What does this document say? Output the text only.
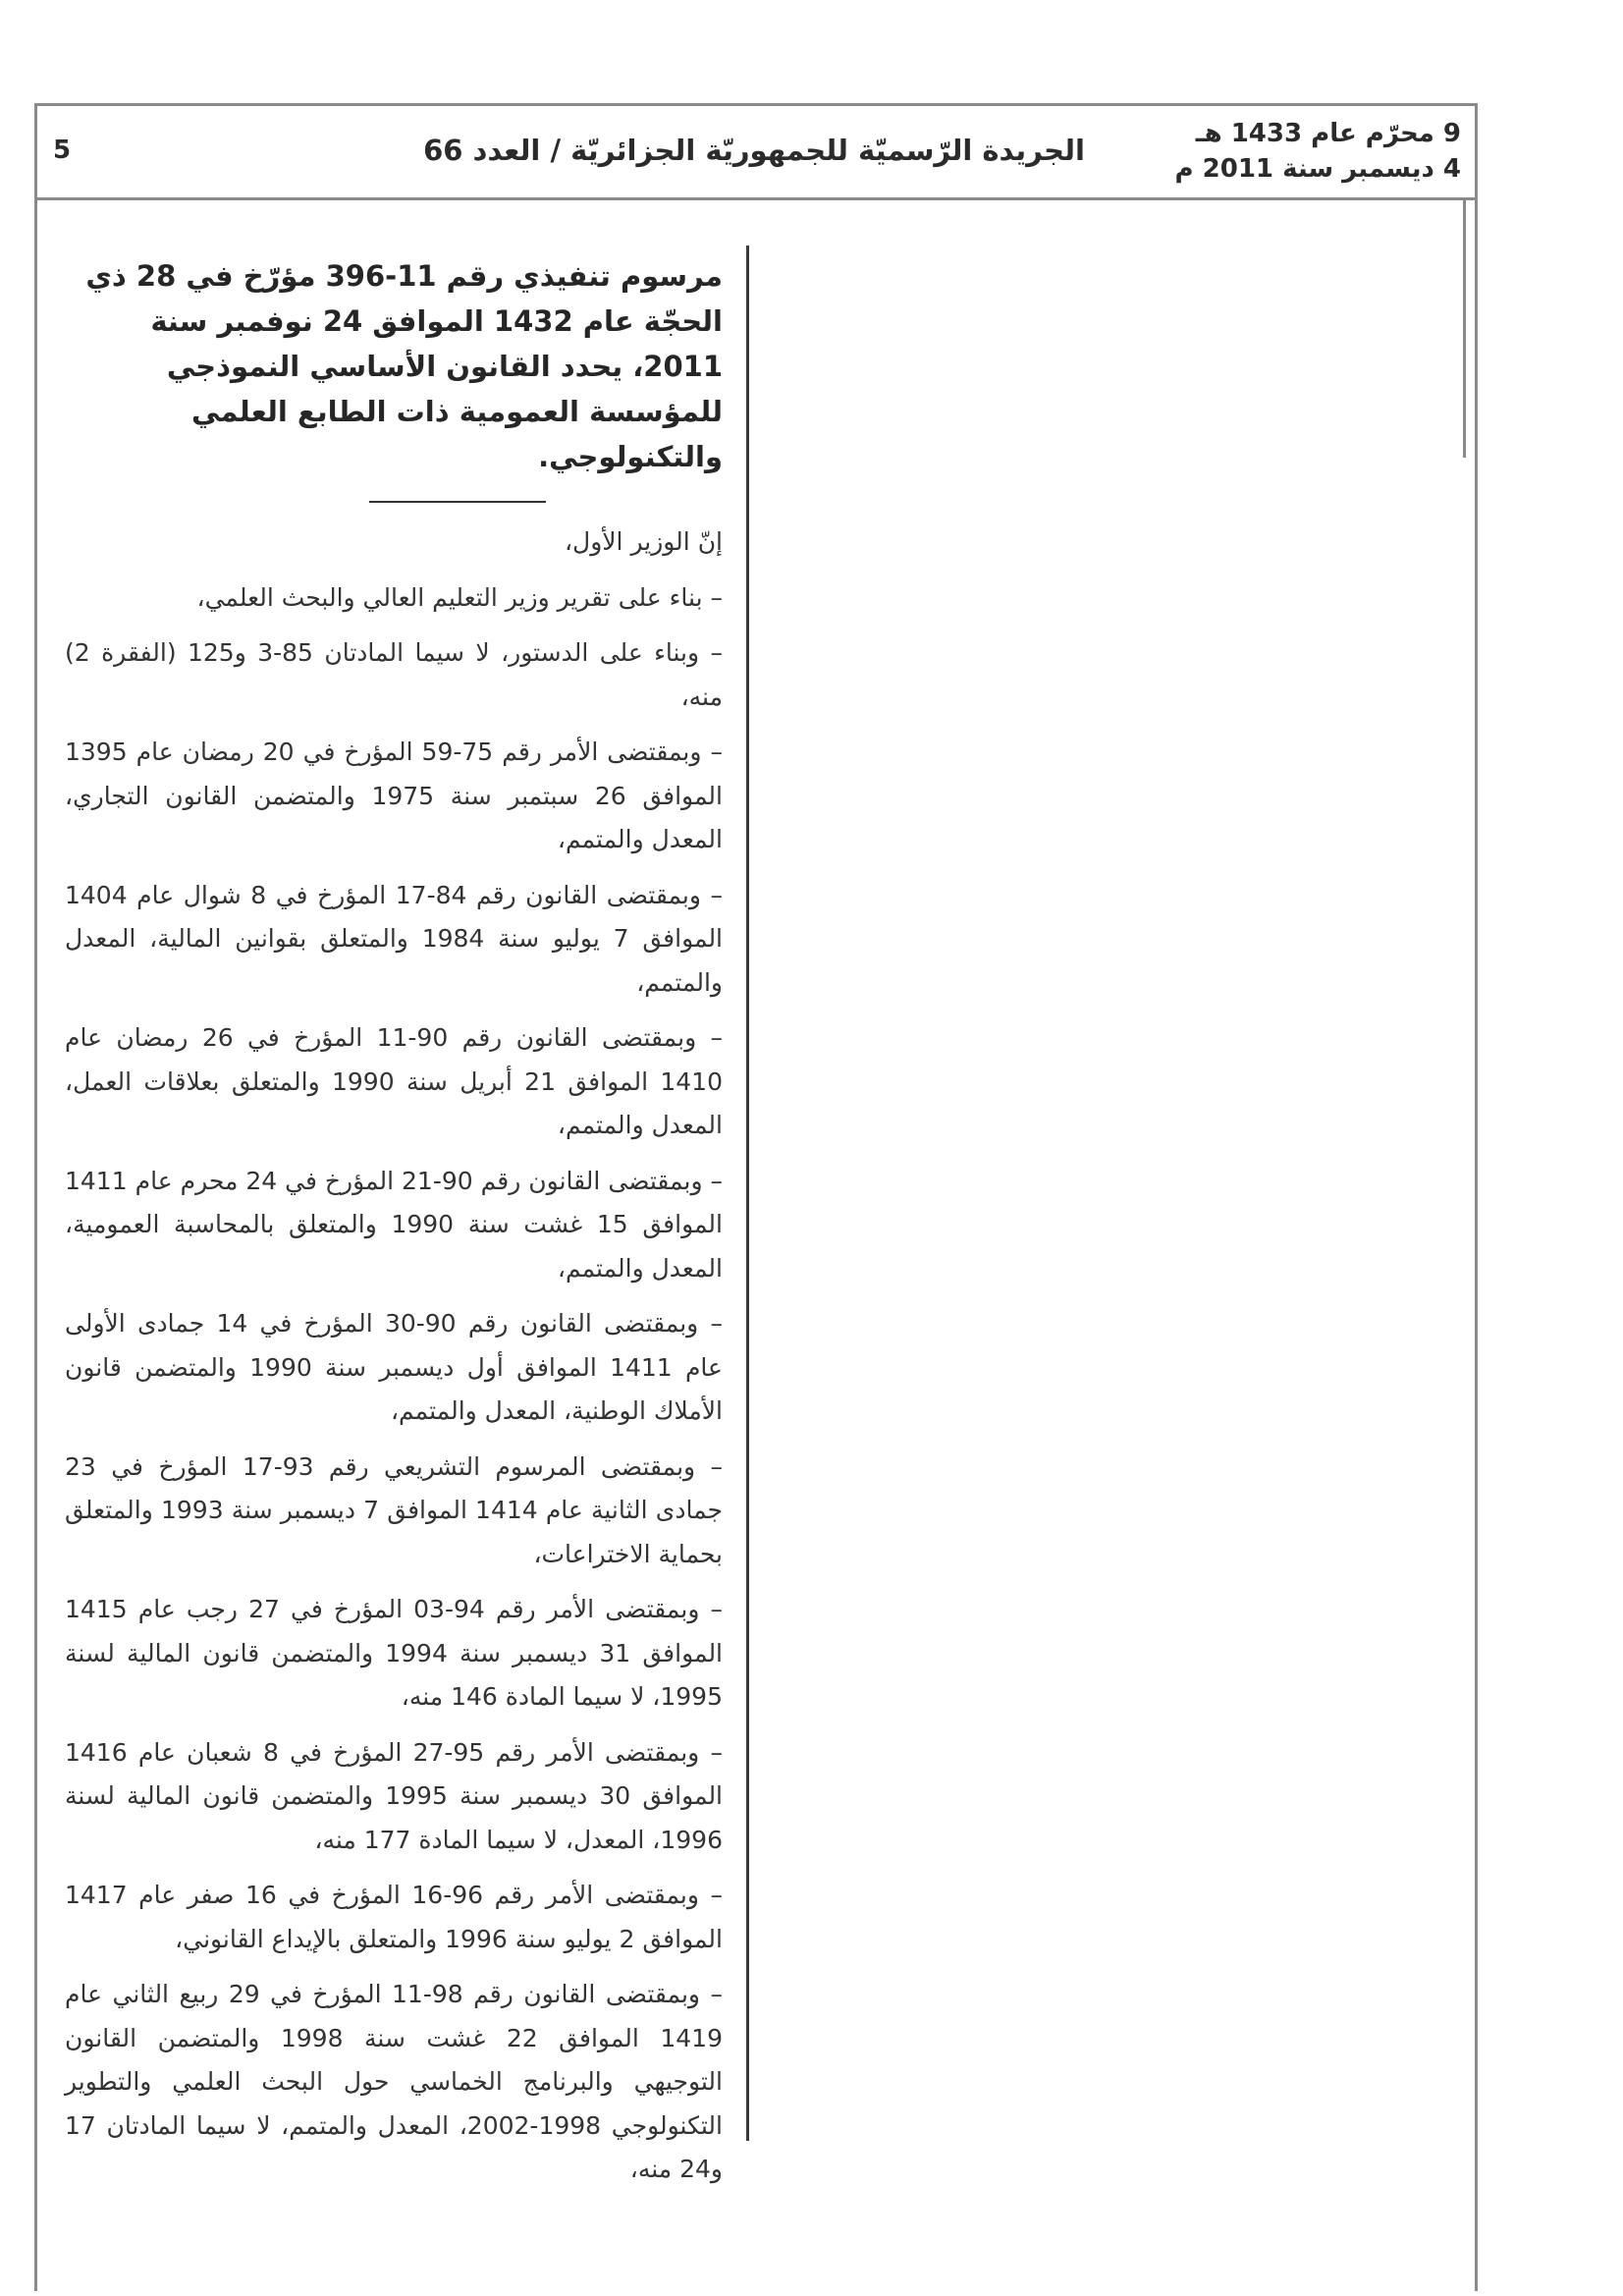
9 محرّم عام 1433 هـ
4 ديسمبر سنة 2011 م
الجريدة الرّسميّة للجمهوريّة الجزائريّة / العدد 66
5
مرسوم تنفيذي رقم 11-396 مؤرّخ في 28 ذي الحجّة عام 1432 الموافق 24 نوفمبر سنة 2011، يحدد القانون الأساسي النموذجي للمؤسسة العمومية ذات الطابع العلمي والتكنولوجي.

إنّ الوزير الأول،

– بناء على تقرير وزير التعليم العالي والبحث العلمي،

– وبناء على الدستور، لا سيما المادتان 85-3 و125 (الفقرة 2) منه،

– وبمقتضى الأمر رقم 75-59 المؤرخ في 20 رمضان عام 1395 الموافق 26 سبتمبر سنة 1975 والمتضمن القانون التجاري، المعدل والمتمم،

– وبمقتضى القانون رقم 84-17 المؤرخ في 8 شوال عام 1404 الموافق 7 يوليو سنة 1984 والمتعلق بقوانين المالية، المعدل والمتمم،

– وبمقتضى القانون رقم 90-11 المؤرخ في 26 رمضان عام 1410 الموافق 21 أبريل سنة 1990 والمتعلق بعلاقات العمل، المعدل والمتمم،

– وبمقتضى القانون رقم 90-21 المؤرخ في 24 محرم عام 1411 الموافق 15 غشت سنة 1990 والمتعلق بالمحاسبة العمومية، المعدل والمتمم،

– وبمقتضى القانون رقم 90-30 المؤرخ في 14 جمادى الأولى عام 1411 الموافق أول ديسمبر سنة 1990 والمتضمن قانون الأملاك الوطنية، المعدل والمتمم،

– وبمقتضى المرسوم التشريعي رقم 93-17 المؤرخ في 23 جمادى الثانية عام 1414 الموافق 7 ديسمبر سنة 1993 والمتعلق بحماية الاختراعات،

– وبمقتضى الأمر رقم 94-03 المؤرخ في 27 رجب عام 1415 الموافق 31 ديسمبر سنة 1994 والمتضمن قانون المالية لسنة 1995، لا سيما المادة 146 منه،

– وبمقتضى الأمر رقم 95-27 المؤرخ في 8 شعبان عام 1416 الموافق 30 ديسمبر سنة 1995 والمتضمن قانون المالية لسنة 1996، المعدل، لا سيما المادة 177 منه،

– وبمقتضى الأمر رقم 96-16 المؤرخ في 16 صفر عام 1417 الموافق 2 يوليو سنة 1996 والمتعلق بالإيداع القانوني،

– وبمقتضى القانون رقم 98-11 المؤرخ في 29 ربيع الثاني عام 1419 الموافق 22 غشت سنة 1998 والمتضمن القانون التوجيهي والبرنامج الخماسي حول البحث العلمي والتطوير التكنولوجي 1998-2002، المعدل والمتمم، لا سيما المادتان 17 و24 منه،
